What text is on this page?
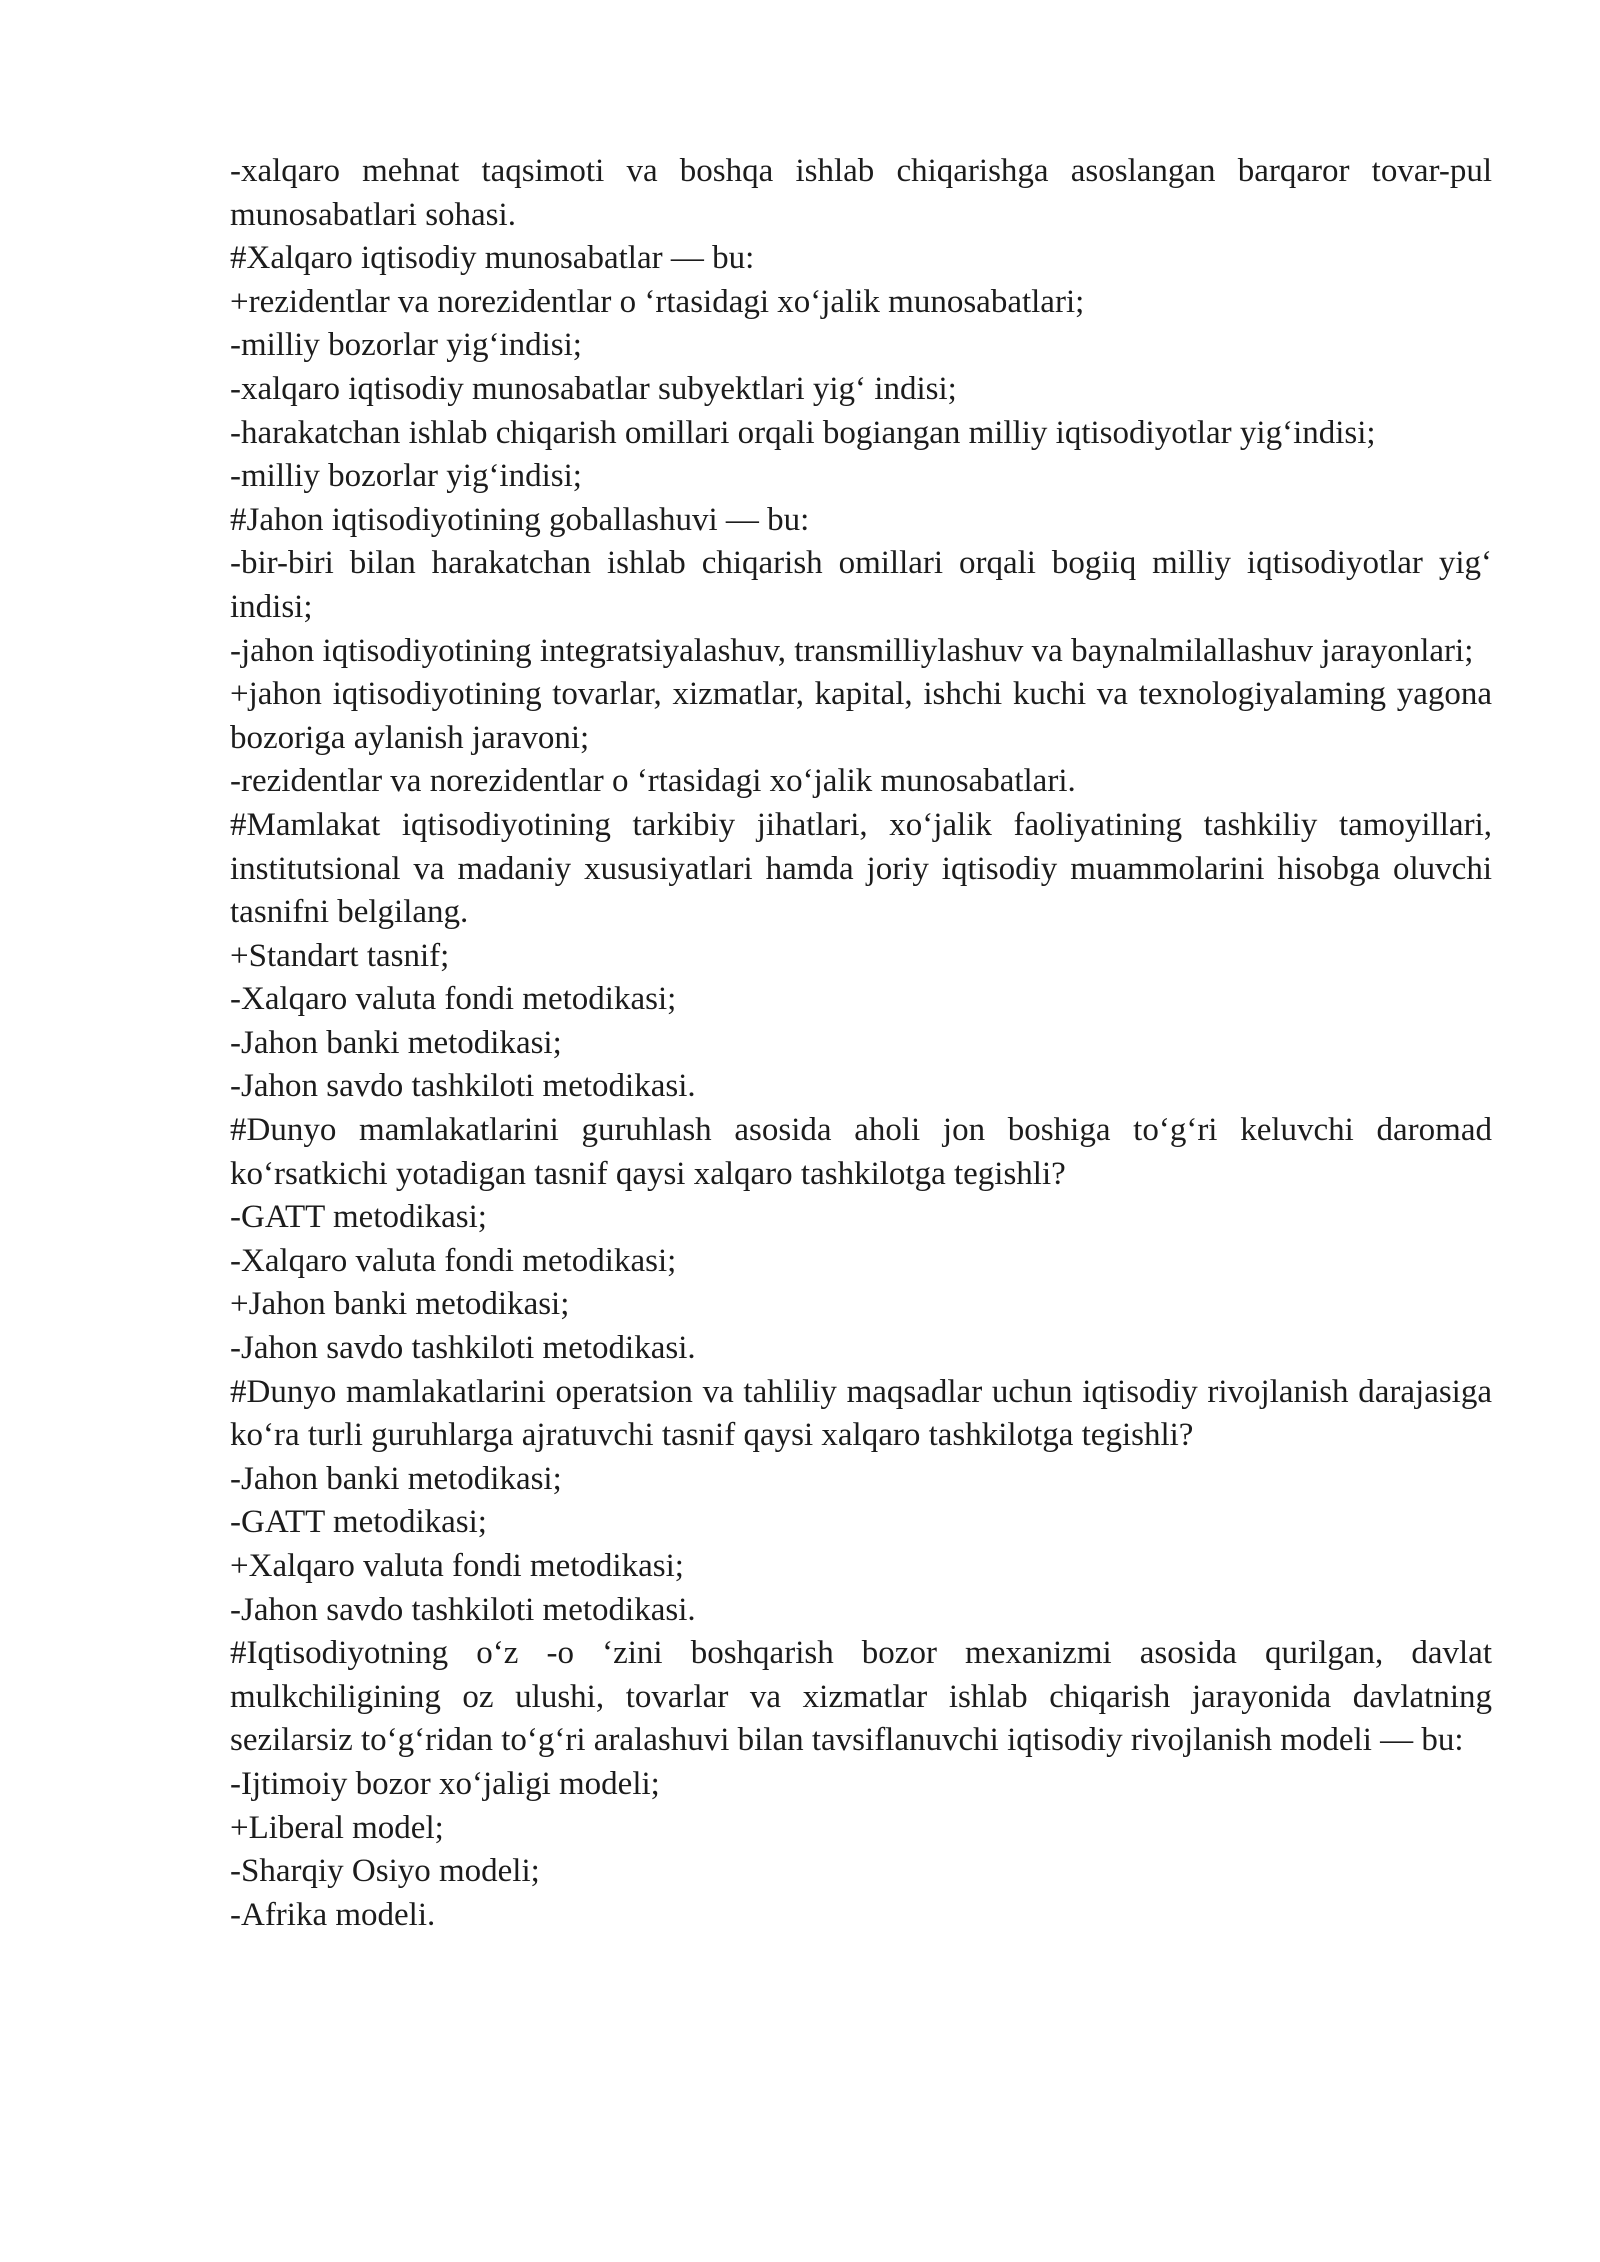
-xalqaro mehnat taqsimoti va boshqa ishlab chiqarishga asoslangan barqaror tovar-pul munosabatlari sohasi.

#Xalqaro iqtisodiy munosabatlar — bu:

+rezidentlar va norezidentlar o ‘rtasidagi xo‘jalik munosabatlari;

-milliy bozorlar yig‘indisi;

-xalqaro iqtisodiy munosabatlar subyektlari yig‘ indisi;

-harakatchan ishlab chiqarish omillari orqali bogiangan milliy iqtisodiyotlar yig‘indisi;

-milliy bozorlar yig‘indisi;

#Jahon iqtisodiyotining goballashuvi — bu:

-bir-biri bilan harakatchan ishlab chiqarish omillari orqali bogiiq milliy iqtisodiyotlar yig‘ indisi;

-jahon iqtisodiyotining integratsiyalashuv, transmilliylashuv va baynalmilallashuv jarayonlari;

+jahon iqtisodiyotining tovarlar, xizmatlar, kapital, ishchi kuchi va texnologiyalaming yagona bozoriga aylanish jaravoni;

-rezidentlar va norezidentlar o ‘rtasidagi xo‘jalik munosabatlari.

#Mamlakat iqtisodiyotining tarkibiy jihatlari, xo‘jalik faoliyatining tashkiliy tamoyillari, institutsional va madaniy xususiyatlari hamda joriy iqtisodiy muammolarini hisobga oluvchi tasnifni belgilang.

+Standart tasnif;

-Xalqaro valuta fondi metodikasi;

-Jahon banki metodikasi;

-Jahon savdo tashkiloti metodikasi.

#Dunyo mamlakatlarini guruhlash asosida aholi jon boshiga to‘g‘ri keluvchi daromad ko‘rsatkichi yotadigan tasnif qaysi xalqaro tashkilotga tegishli?

-GATT metodikasi;

-Xalqaro valuta fondi metodikasi;

+Jahon banki metodikasi;

-Jahon savdo tashkiloti metodikasi.

#Dunyo mamlakatlarini operatsion va tahliliy maqsadlar uchun iqtisodiy rivojlanish darajasiga ko‘ra turli guruhlarga ajratuvchi tasnif qaysi xalqaro tashkilotga tegishli?

-Jahon banki metodikasi;

-GATT metodikasi;

+Xalqaro valuta fondi metodikasi;

-Jahon savdo tashkiloti metodikasi.

#Iqtisodiyotning o‘z -o ‘zini boshqarish bozor mexanizmi asosida qurilgan, davlat mulkchiligining oz ulushi, tovarlar va xizmatlar ishlab chiqarish jarayonida davlatning sezilarsiz to‘g‘ridan to‘g‘ri aralashuvi bilan tavsiflanuvchi iqtisodiy rivojlanish modeli — bu:

-Ijtimoiy bozor xo‘jaligi modeli;

+Liberal model;

-Sharqiy Osiyo modeli;

-Afrika modeli.
